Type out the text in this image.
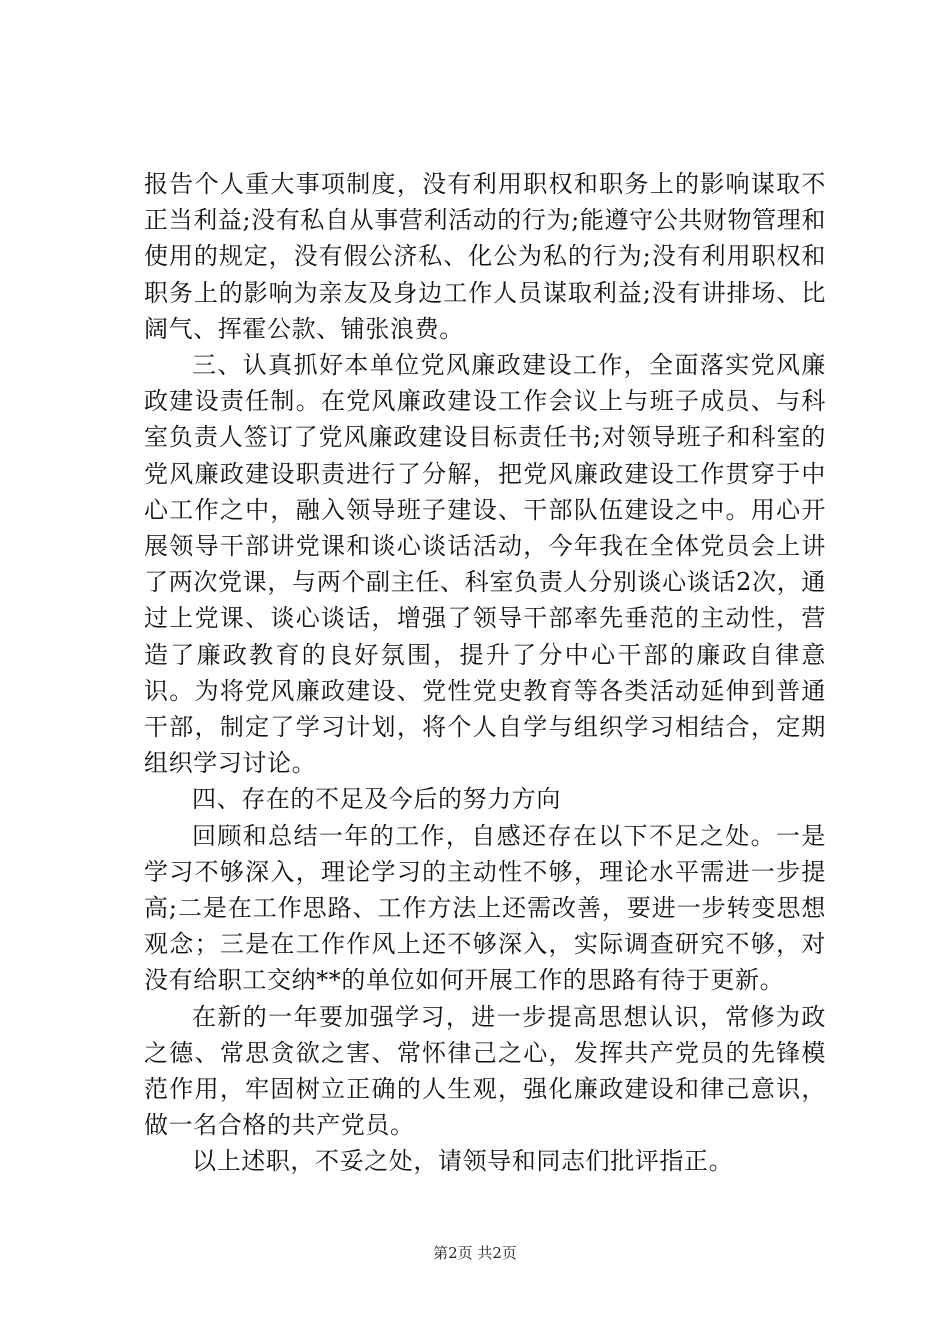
报告个人重大事项制度，没有利用职权和职务上的影响谋取不正当利益;没有私自从事营利活动的行为;能遵守公共财物管理和使用的规定，没有假公济私、化公为私的行为;没有利用职权和职务上的影响为亲友及身边工作人员谋取利益;没有讲排场、比阔气、挥霍公款、铺张浪费。

三、认真抓好本单位党风廉政建设工作，全面落实党风廉政建设责任制。在党风廉政建设工作会议上与班子成员、与科室负责人签订了党风廉政建设目标责任书;对领导班子和科室的党风廉政建设职责进行了分解，把党风廉政建设工作贯穿于中心工作之中，融入领导班子建设、干部队伍建设之中。用心开展领导干部讲党课和谈心谈话活动，今年我在全体党员会上讲了两次党课，与两个副主任、科室负责人分别谈心谈话2次，通过上党课、谈心谈话，增强了领导干部率先垂范的主动性，营造了廉政教育的良好氛围，提升了分中心干部的廉政自律意识。为将党风廉政建设、党性党史教育等各类活动延伸到普通干部，制定了学习计划，将个人自学与组织学习相结合，定期组织学习讨论。

四、存在的不足及今后的努力方向

回顾和总结一年的工作，自感还存在以下不足之处。一是学习不够深入，理论学习的主动性不够，理论水平需进一步提高;二是在工作思路、工作方法上还需改善，要进一步转变思想观念；三是在工作作风上还不够深入，实际调查研究不够，对没有给职工交纳**的单位如何开展工作的思路有待于更新。

在新的一年要加强学习，进一步提高思想认识，常修为政之德、常思贪欲之害、常怀律己之心，发挥共产党员的先锋模范作用，牢固树立正确的人生观，强化廉政建设和律己意识，做一名合格的共产党员。

以上述职，不妥之处，请领导和同志们批评指正。

第2页 共2页
